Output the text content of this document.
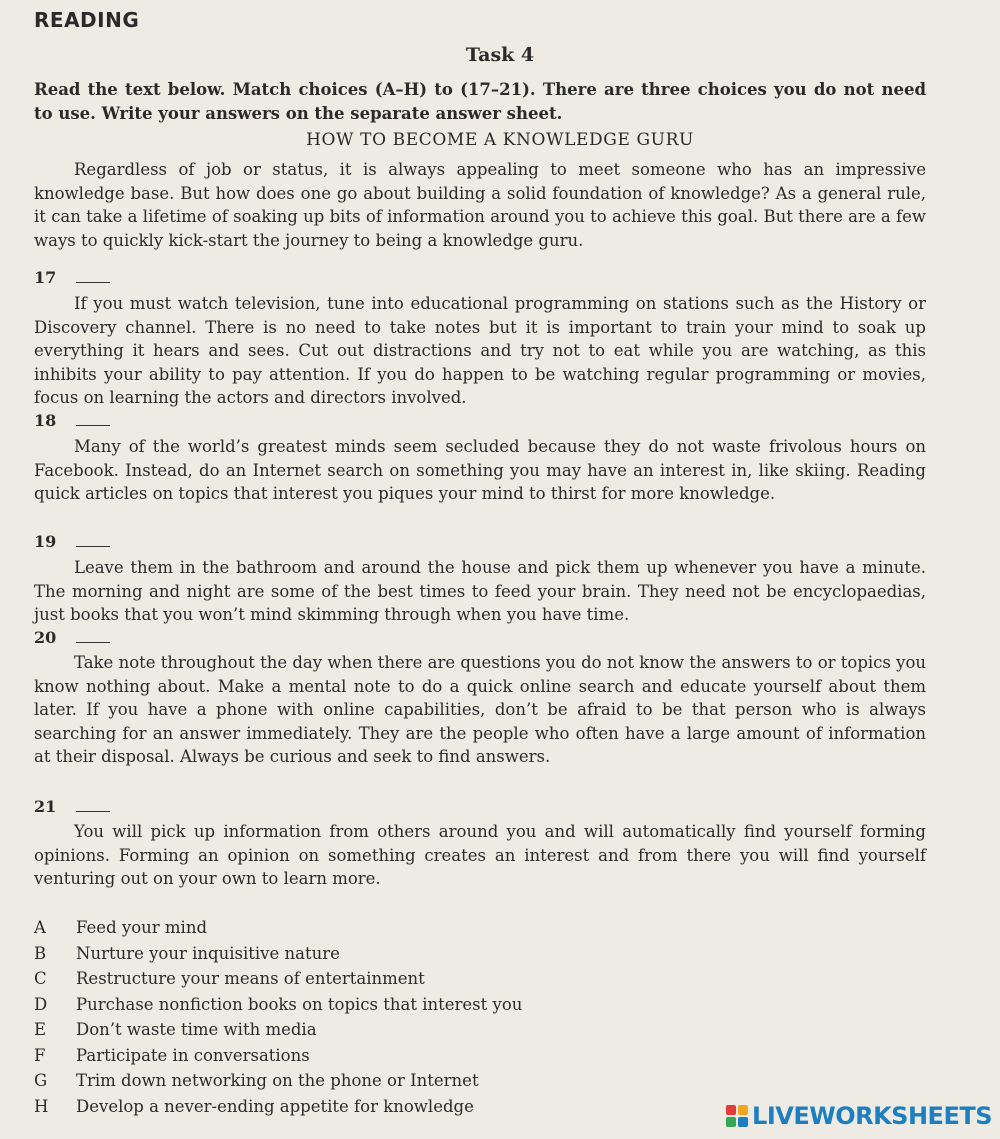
READING
Task 4
Read the text below. Match choices (A–H) to (17–21). There are three choices you do not need to use. Write your answers on the separate answer sheet.
HOW TO BECOME A KNOWLEDGE GURU

Regardless of job or status, it is always appealing to meet someone who has an impressive knowledge base. But how does one go about building a solid foundation of knowledge? As a general rule, it can take a lifetime of soaking up bits of information around you to achieve this goal. But there are a few ways to quickly kick-start the journey to being a knowledge guru.

17

If you must watch television, tune into educational programming on stations such as the History or Discovery channel. There is no need to take notes but it is important to train your mind to soak up everything it hears and sees. Cut out distractions and try not to eat while you are watching, as this inhibits your ability to pay attention. If you do happen to be watching regular programming or movies, focus on learning the actors and directors involved.

18

Many of the world’s greatest minds seem secluded because they do not waste frivolous hours on Facebook. Instead, do an Internet search on something you may have an interest in, like skiing. Reading quick articles on topics that interest you piques your mind to thirst for more knowledge.

19

Leave them in the bathroom and around the house and pick them up whenever you have a minute. The morning and night are some of the best times to feed your brain. They need not be encyclopaedias, just books that you won’t mind skimming through when you have time.

20

Take note throughout the day when there are questions you do not know the answers to or topics you know nothing about. Make a mental note to do a quick online search and educate yourself about them later. If you have a phone with online capabilities, don’t be afraid to be that person who is always searching for an answer immediately. They are the people who often have a large amount of information at their disposal. Always be curious and seek to find answers.

21

You will pick up information from others around you and will automatically find yourself forming opinions. Forming an opinion on something creates an interest and from there you will find yourself venturing out on your own to learn more.

A	Feed your mind
B	Nurture your inquisitive nature
C	Restructure your means of entertainment
D	Purchase nonfiction books on topics that interest you
E	Don’t waste time with media
F	Participate in conversations
G	Trim down networking on the phone or Internet
H	Develop a never-ending appetite for knowledge	LIVEWORKSHEETS
